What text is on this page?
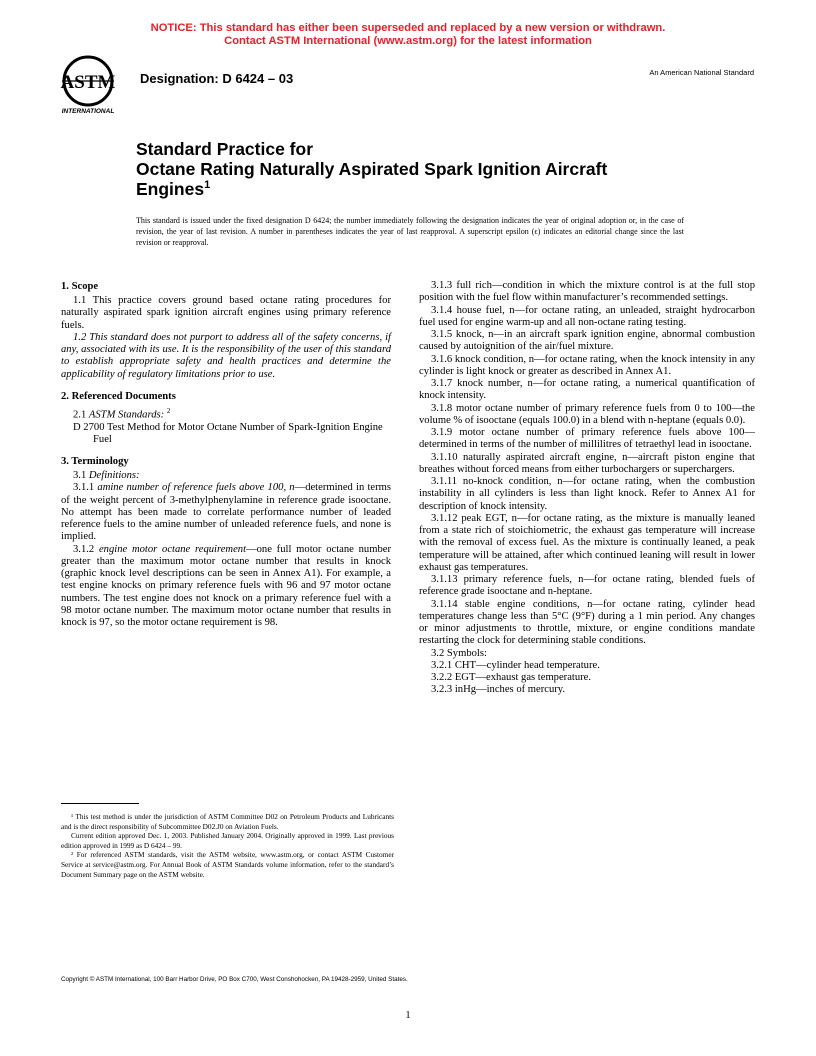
NOTICE: This standard has either been superseded and replaced by a new version or withdrawn.
Contact ASTM International (www.astm.org) for the latest information
ASTM
INTERNATIONAL
Designation: D 6424 – 03	An American National Standard
Standard Practice for
Octane Rating Naturally Aspirated Spark Ignition Aircraft
Engines$^1$
This standard is issued under the fixed designation D 6424; the number immediately following the designation indicates the year of original adoption or, in the case of revision, the year of last revision. A number in parentheses indicates the year of last reapproval. A superscript epsilon (ϵ) indicates an editorial change since the last revision or reapproval.
1. Scope

1.1 This practice covers ground based octane rating procedures for naturally aspirated spark ignition aircraft engines using primary reference fuels.

1.2 This standard does not purport to address all of the safety concerns, if any, associated with its use. It is the responsibility of the user of this standard to establish appropriate safety and health practices and determine the applicability of regulatory limitations prior to use.

2. Referenced Documents

2.1 ASTM Standards: $^2$

D 2700 Test Method for Motor Octane Number of Spark-Ignition Engine Fuel

3. Terminology

3.1 Definitions:

3.1.1 amine number of reference fuels above 100, n—determined in terms of the weight percent of 3-methylphenylamine in reference grade isooctane. No attempt has been made to correlate performance number of leaded reference fuels to the amine number of unleaded reference fuels, and none is implied.

3.1.2 engine motor octane requirement—one full motor octane number greater than the maximum motor octane number that results in knock (graphic knock level descriptions can be seen in Annex A1). For example, a test engine knocks on primary reference fuels with 96 and 97 motor octane numbers. The test engine does not knock on a primary reference fuel with a 98 motor octane number. The maximum motor octane number that results in knock is 97, so the motor octane requirement is 98.

3.1.3 full rich—condition in which the mixture control is at the full stop position with the fuel flow within manufacturer’s recommended settings.

3.1.4 house fuel, n—for octane rating, an unleaded, straight hydrocarbon fuel used for engine warm-up and all non-octane rating testing.

3.1.5 knock, n—in an aircraft spark ignition engine, abnormal combustion caused by autoignition of the air/fuel mixture.

3.1.6 knock condition, n—for octane rating, when the knock intensity in any cylinder is light knock or greater as described in Annex A1.

3.1.7 knock number, n—for octane rating, a numerical quantification of knock intensity.

3.1.8 motor octane number of primary reference fuels from 0 to 100—the volume % of isooctane (equals 100.0) in a blend with n-heptane (equals 0.0).

3.1.9 motor octane number of primary reference fuels above 100—determined in terms of the number of millilitres of tetraethyl lead in isooctane.

3.1.10 naturally aspirated aircraft engine, n—aircraft piston engine that breathes without forced means from either turbochargers or superchargers.

3.1.11 no-knock condition, n—for octane rating, when the combustion instability in all cylinders is less than light knock. Refer to Annex A1 for description of knock intensity.

3.1.12 peak EGT, n—for octane rating, as the mixture is manually leaned from a state rich of stoichiometric, the exhaust gas temperature will increase with the removal of excess fuel. As the mixture is continually leaned, a peak temperature will be attained, after which continued leaning will result in lower exhaust gas temperatures.

3.1.13 primary reference fuels, n—for octane rating, blended fuels of reference grade isooctane and n-heptane.

3.1.14 stable engine conditions, n—for octane rating, cylinder head temperatures change less than 5°C (9°F) during a 1 min period. Any changes or minor adjustments to throttle, mixture, or engine conditions mandate restarting the clock for determining stable conditions.

3.2 Symbols:

3.2.1 CHT—cylinder head temperature.

3.2.2 EGT—exhaust gas temperature.

3.2.3 inHg—inches of mercury.

¹ This test method is under the jurisdiction of ASTM Committee D02 on Petroleum Products and Lubricants and is the direct responsibility of Subcommittee D02.J0 on Aviation Fuels.

Current edition approved Dec. 1, 2003. Published January 2004. Originally approved in 1999. Last previous edition approved in 1999 as D 6424 – 99.

² For referenced ASTM standards, visit the ASTM website, www.astm.org, or contact ASTM Customer Service at service@astm.org. For Annual Book of ASTM Standards volume information, refer to the standard’s Document Summary page on the ASTM website.

Copyright © ASTM International, 100 Barr Harbor Drive, PO Box C700, West Conshohocken, PA 19428-2959, United States.
1
